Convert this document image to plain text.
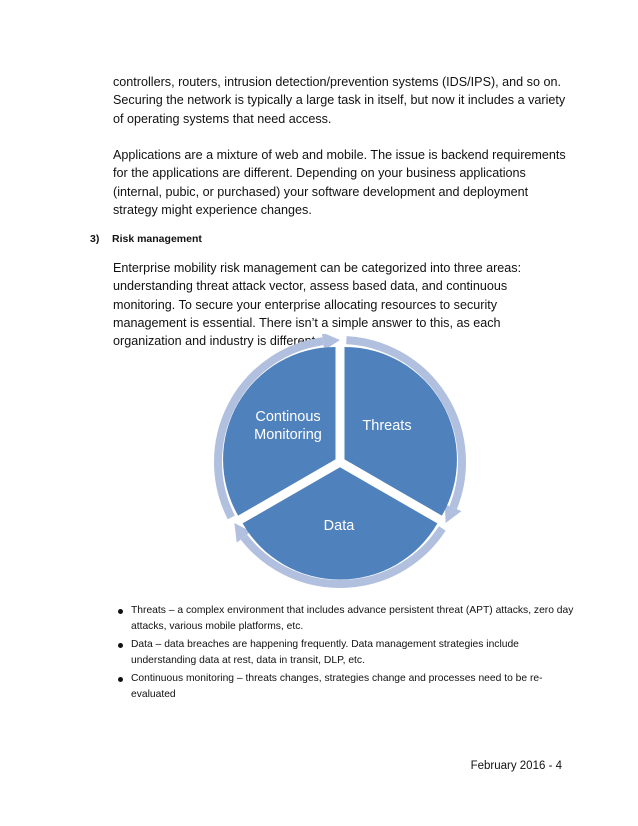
controllers, routers, intrusion detection/prevention systems (IDS/IPS), and so on. Securing the network is typically a large task in itself, but now it includes a variety of operating systems that need access.

Applications are a mixture of web and mobile. The issue is backend requirements for the applications are different. Depending on your business applications (internal, pubic, or purchased) your software development and deployment strategy might experience changes.

3) Risk management

Enterprise mobility risk management can be categorized into three areas: understanding threat attack vector, assess based data, and continuous monitoring. To secure your enterprise allocating resources to security management is essential. There isn’t a simple answer to this, as each organization and industry is different.

Threats
Data
Continous
Monitoring
Threats – a complex environment that includes advance persistent threat (APT) attacks, zero day attacks, various mobile platforms, etc.
Data – data breaches are happening frequently. Data management strategies include understanding data at rest, data in transit, DLP, etc.
Continuous monitoring – threats changes, strategies change and processes need to be re-evaluated

February 2016 - 4
